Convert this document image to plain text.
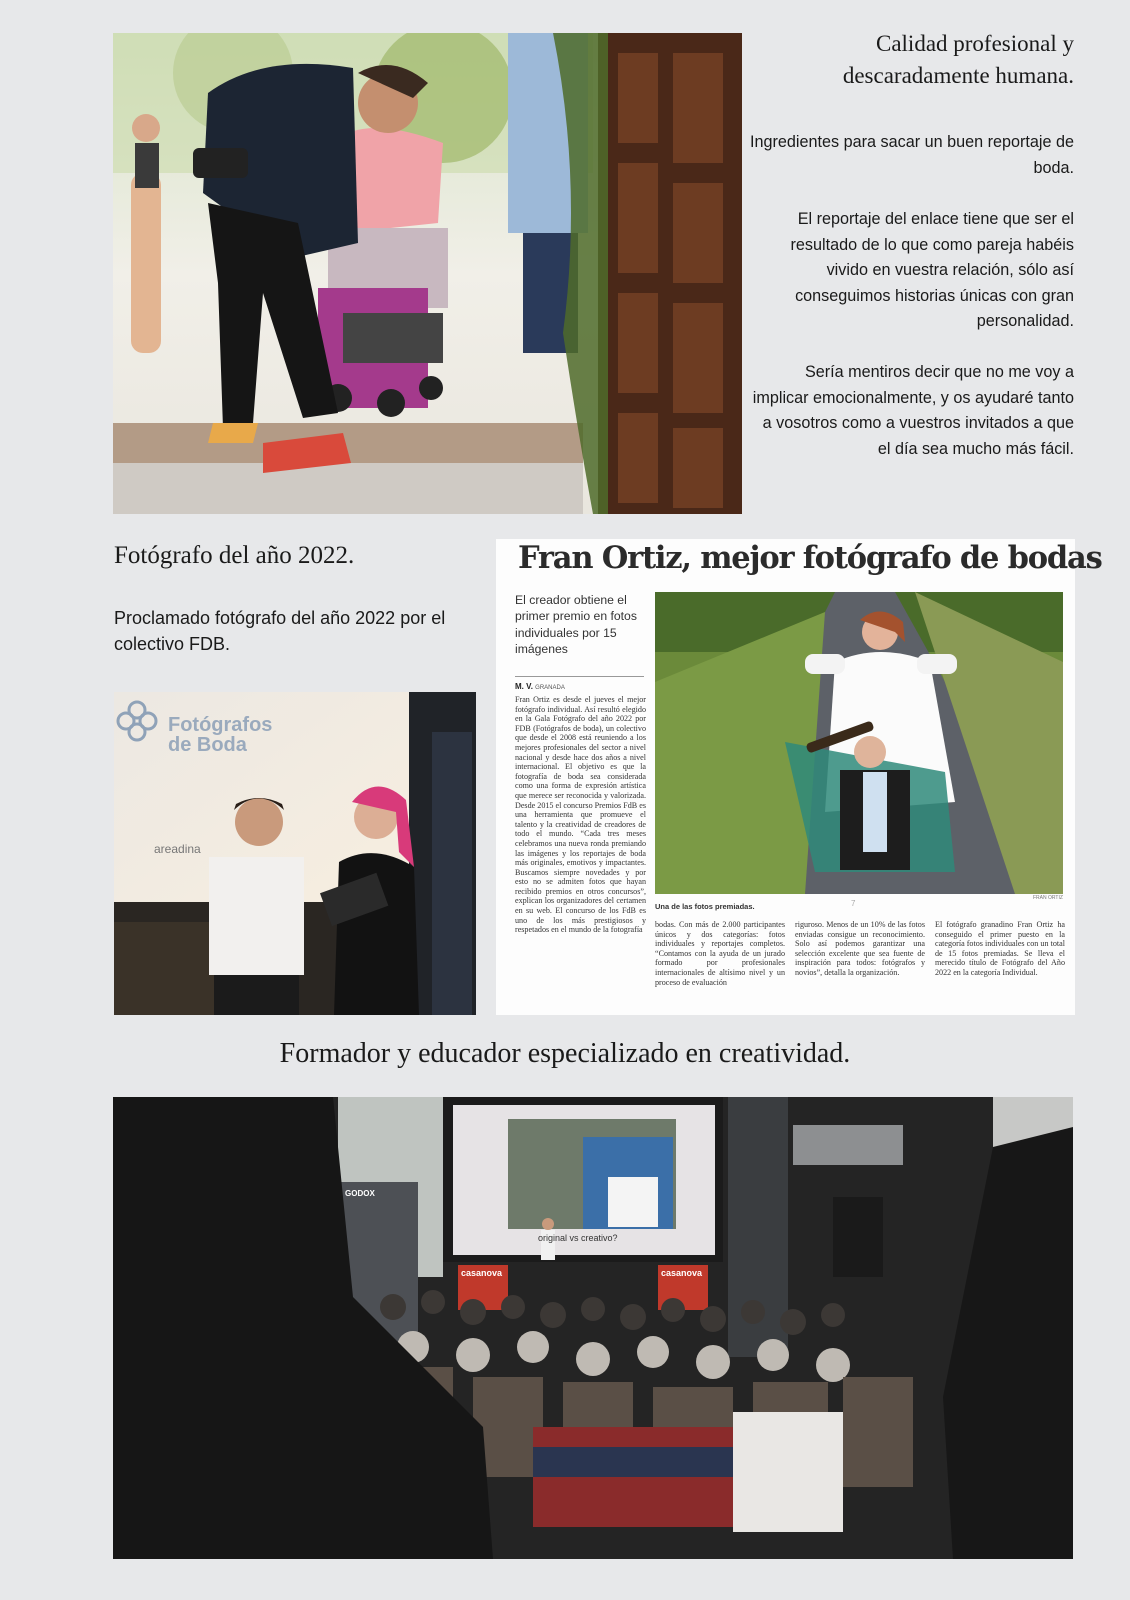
Calidad profesional y descaradamente humana.
Ingredientes para sacar un buen reportaje de boda.
El reportaje del enlace tiene que ser el resultado de lo que como pareja habéis vivido en vuestra relación, sólo así conseguimos historias únicas con gran personalidad.
Sería mentiros decir que no me voy a implicar emocionalmente, y os ayudaré tanto a vosotros como a vuestros invitados a que el día sea mucho más fácil.
Fotógrafo del año 2022.
Proclamado fotógrafo del año 2022 por el colectivo FDB.
Fotógrafos
de Boda
areadina
Fran Ortiz, mejor fotógrafo de bodas
El creador obtiene el primer premio en fotos individuales por 15 imágenes
M. V. GRANADA
Fran Ortiz es desde el jueves el mejor fotógrafo individual. Así resultó elegido en la Gala Fotógrafo del año 2022 por FDB (Fotógrafos de boda), un colectivo que desde el 2008 está reuniendo a los mejores profesionales del sector a nivel nacional y desde hace dos años a nivel internacional. El objetivo es que la fotografía de boda sea considerada como una forma de expresión artística que merece ser reconocida y valorizada. Desde 2015 el concurso Premios FdB es una herramienta que promueve el talento y la creatividad de creadores de todo el mundo. “Cada tres meses celebramos una nueva ronda premiando las imágenes y los reportajes de boda más originales, emotivos y impactantes. Buscamos siempre novedades y por esto no se admiten fotos que hayan recibido premios en otros concursos”, explican los organizadores del certamen en su web. El concurso de los FdB es uno de los más prestigiosos y respetados en el mundo de la fotografía
FRAN ORTIZ
Una de las fotos premiadas.	7
bodas. Con más de 2.000 participantes únicos y dos categorías: fotos individuales y reportajes completos. “Contamos con la ayuda de un jurado formado por profesionales internacionales de altísimo nivel y un proceso de evaluación
riguroso. Menos de un 10% de las fotos enviadas consigue un reconocimiento. Solo así podemos garantizar una selección excelente que sea fuente de inspiración para todos: fotógrafos y novios”, detalla la organización.
El fotógrafo granadino Fran Ortiz ha conseguido el primer puesto en la categoría fotos individuales con un total de 15 fotos premiadas. Se lleva el merecido título de Fotógrafo del Año 2022 en la categoría Individual.
Formador y educador especializado en creatividad.
original vs creativo?
casanova	casanova
GODOX
